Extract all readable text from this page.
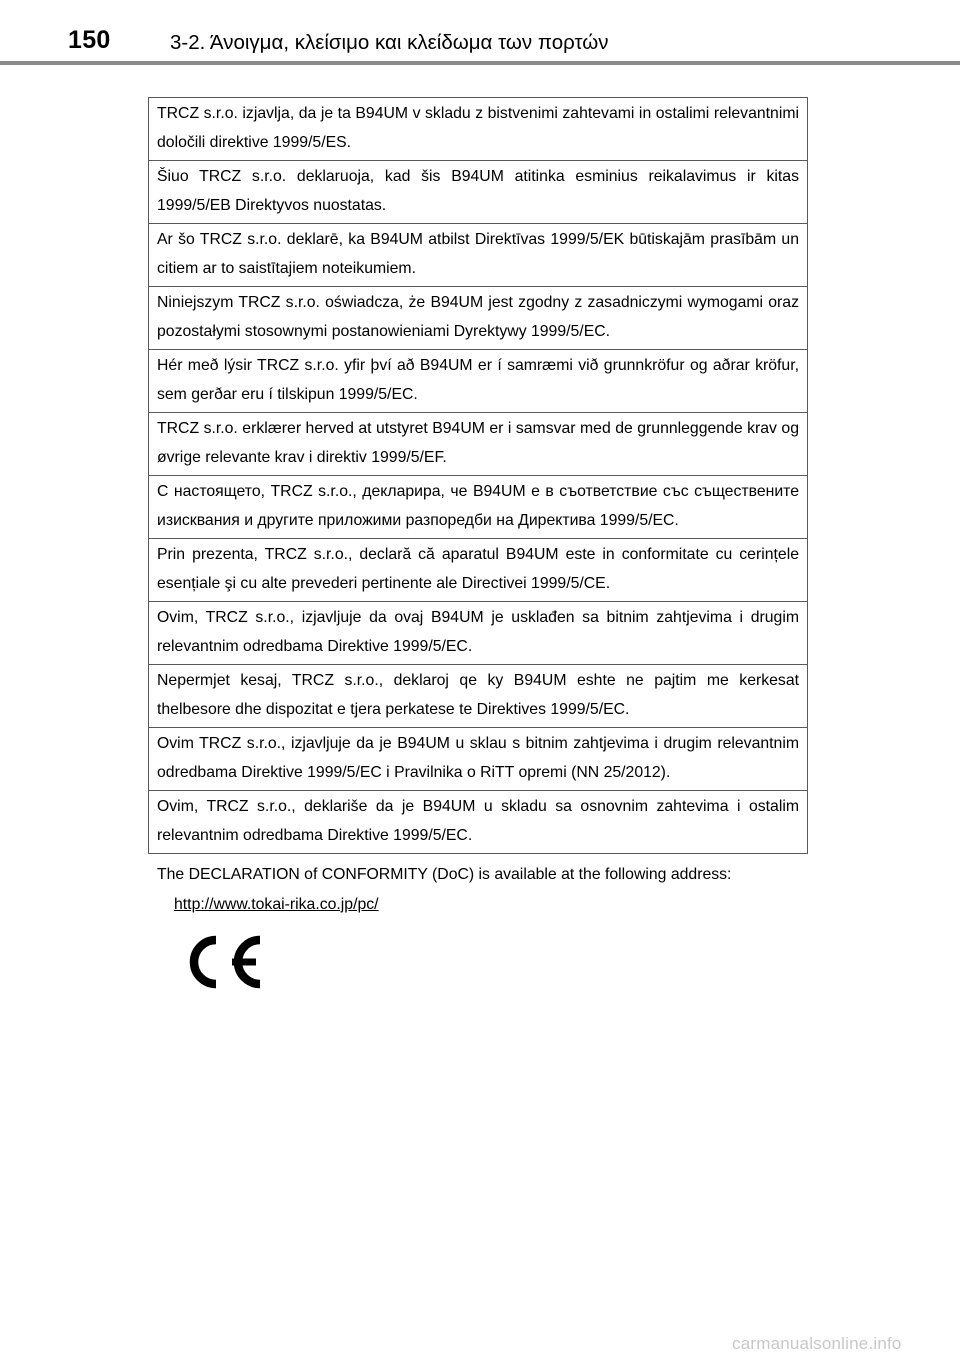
150	3-2. Άνοιγμα, κλείσιμο και κλείδωμα των πορτών
TRCZ s.r.o. izjavlja, da je ta B94UM v skladu z bistvenimi zahtevami in ostalimi relevantnimi določili direktive 1999/5/ES.
Šiuo TRCZ s.r.o. deklaruoja, kad šis B94UM atitinka esminius reikalavimus ir kitas 1999/5/EB Direktyvos nuostatas.
Ar šo TRCZ s.r.o. deklarē, ka B94UM atbilst Direktīvas 1999/5/EK būtiskajām prasībām un citiem ar to saistītajiem noteikumiem.
Niniejszym TRCZ s.r.o. oświadcza, że B94UM jest zgodny z zasadniczymi wymogami oraz pozostałymi stosownymi postanowieniami Dyrektywy 1999/5/EC.
Hér með lýsir TRCZ s.r.o. yfir því að B94UM er í samræmi við grunnkröfur og aðrar kröfur, sem gerðar eru í tilskipun 1999/5/EC.
TRCZ s.r.o. erklærer herved at utstyret B94UM er i samsvar med de grunnleggende krav og øvrige relevante krav i direktiv 1999/5/EF.
С настоящето, TRCZ s.r.o., декларира, че B94UM е в съответствие със съществените изисквания и другите приложими разпоредби на Директива 1999/5/ЕС.
Prin prezenta, TRCZ s.r.o., declară că aparatul B94UM este in conformitate cu cerințele esențiale şi cu alte prevederi pertinente ale Directivei 1999/5/CE.
Ovim, TRCZ s.r.o., izjavljuje da ovaj B94UM je usklađen sa bitnim zahtjevima i drugim relevantnim odredbama Direktive 1999/5/EC.
Nepermjet kesaj, TRCZ s.r.o., deklaroj qe ky B94UM eshte ne pajtim me kerkesat thelbesore dhe dispozitat e tjera perkatese te Direktives 1999/5/EC.
Ovim TRCZ s.r.o., izjavljuje da je B94UM u sklau s bitnim zahtjevima i drugim relevantnim odredbama Direktive 1999/5/EC i Pravilnika o RiTT opremi (NN 25/2012).
Ovim, TRCZ s.r.o., deklariše da je B94UM u skladu sa osnovnim zahtevima i ostalim relevantnim odredbama Direktive 1999/5/EC.
The DECLARATION of CONFORMITY (DoC) is available at the following address:
http://www.tokai-rika.co.jp/pc/
carmanualsonline.info
